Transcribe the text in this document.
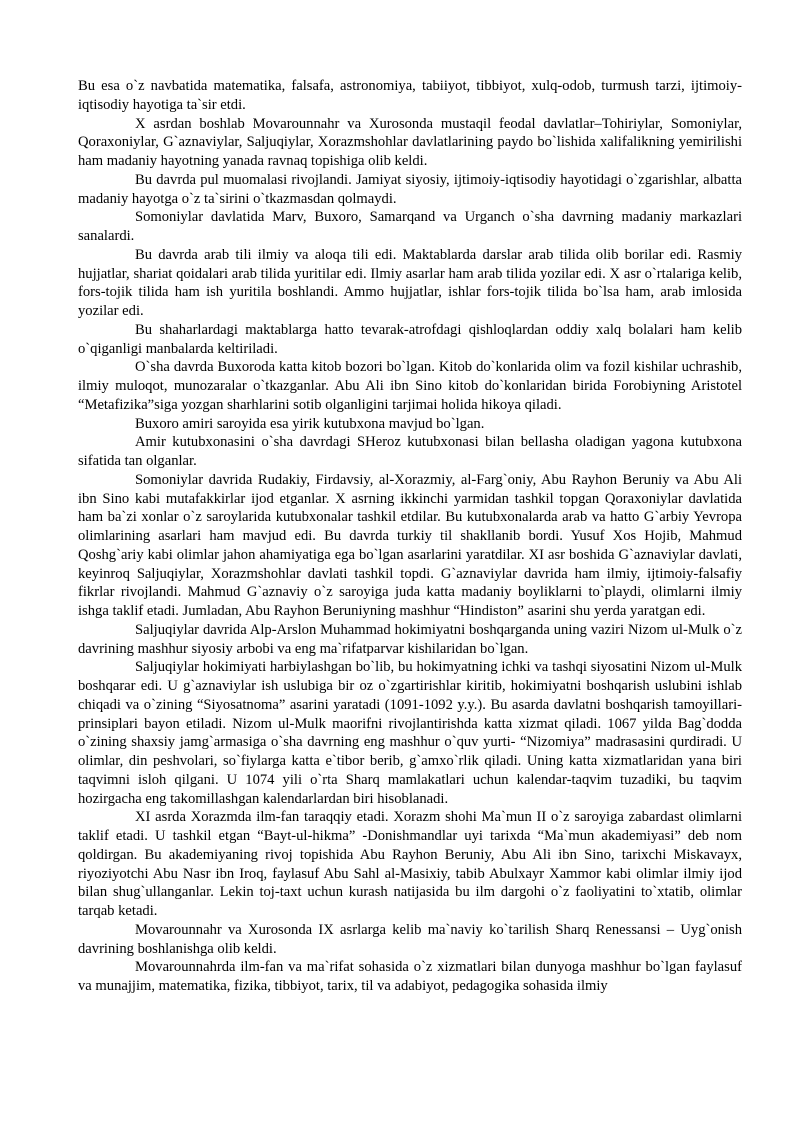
Bu esa o`z navbatida matematika, falsafa, astronomiya, tabiiyot, tibbiyot, xulq-odob, turmush tarzi, ijtimoiy-iqtisodiy hayotiga ta`sir etdi.

X asrdan boshlab Movarounnahr va Xurosonda mustaqil feodal davlatlar–Tohiriylar, Somoniylar, Qoraxoniylar, G`aznaviylar, Saljuqiylar, Xorazmshohlar davlatlarining paydo bo`lishida xalifalikning yemirilishi ham madaniy hayotning yanada ravnaq topishiga olib keldi.

Bu davrda pul muomalasi rivojlandi. Jamiyat siyosiy, ijtimoiy-iqtisodiy hayotidagi o`zgarishlar, albatta madaniy hayotga o`z ta`sirini o`tkazmasdan qolmaydi.

Somoniylar davlatida Marv, Buxoro, Samarqand va Urganch o`sha davrning madaniy markazlari sanalardi.

Bu davrda arab tili ilmiy va aloqa tili edi. Maktablarda darslar arab tilida olib borilar edi. Rasmiy hujjatlar, shariat qoidalari arab tilida yuritilar edi. Ilmiy asarlar ham arab tilida yozilar edi. X asr o`rtalariga kelib, fors-tojik tilida ham ish yuritila boshlandi. Ammo hujjatlar, ishlar fors-tojik tilida bo`lsa ham, arab imlosida yozilar edi.

Bu shaharlardagi maktablarga hatto tevarak-atrofdagi qishloqlardan oddiy xalq bolalari ham kelib o`qiganligi manbalarda keltiriladi.

O`sha davrda Buxoroda katta kitob bozori bo`lgan. Kitob do`konlarida olim va fozil kishilar uchrashib, ilmiy muloqot, munozaralar o`tkazganlar. Abu Ali ibn Sino kitob do`konlaridan birida Forobiyning Aristotel “Metafizika”siga yozgan sharhlarini sotib olganligini tarjimai holida hikoya qiladi.

Buxoro amiri saroyida esa yirik kutubxona mavjud bo`lgan.

Amir kutubxonasini o`sha davrdagi SHeroz kutubxonasi bilan bellasha oladigan yagona kutubxona sifatida tan olganlar.

Somoniylar davrida Rudakiy, Firdavsiy, al-Xorazmiy, al-Farg`oniy, Abu Rayhon Beruniy va Abu Ali ibn Sino kabi mutafakkirlar ijod etganlar. X asrning ikkinchi yarmidan tashkil topgan Qoraxoniylar davlatida ham ba`zi xonlar o`z saroylarida kutubxonalar tashkil etdilar. Bu kutubxonalarda arab va hatto G`arbiy Yevropa olimlarining asarlari ham mavjud edi. Bu davrda turkiy til shakllanib bordi. Yusuf Xos Hojib, Mahmud Qoshg`ariy kabi olimlar jahon ahamiyatiga ega bo`lgan asarlarini yaratdilar. XI asr boshida G`aznaviylar davlati, keyinroq Saljuqiylar, Xorazmshohlar davlati tashkil topdi. G`aznaviylar davrida ham ilmiy, ijtimoiy-falsafiy fikrlar rivojlandi. Mahmud G`aznaviy o`z saroyiga juda katta madaniy boyliklarni to`playdi, olimlarni ilmiy ishga taklif etadi. Jumladan, Abu Rayhon Beruniyning mashhur “Hindiston” asarini shu yerda yaratgan edi.

Saljuqiylar davrida Alp-Arslon Muhammad hokimiyatni boshqarganda uning vaziri Nizom ul-Mulk o`z davrining mashhur siyosiy arbobi va eng ma`rifatparvar kishilaridan bo`lgan.

Saljuqiylar hokimiyati harbiylashgan bo`lib, bu hokimyatning ichki va tashqi siyosatini Nizom ul-Mulk boshqarar edi. U g`aznaviylar ish uslubiga bir oz o`zgartirishlar kiritib, hokimiyatni boshqarish uslubini ishlab chiqadi va o`zining “Siyosatnoma” asarini yaratadi (1091-1092 y.y.). Bu asarda davlatni boshqarish tamoyillari-prinsiplari bayon etiladi. Nizom ul-Mulk maorifni rivojlantirishda katta xizmat qiladi. 1067 yilda Bag`dodda o`zining shaxsiy jamg`armasiga o`sha davrning eng mashhur o`quv yurti- “Nizomiya” madrasasini qurdiradi. U olimlar, din peshvolari, so`fiylarga katta e`tibor berib, g`amxo`rlik qiladi. Uning katta xizmatlaridan yana biri taqvimni isloh qilgani. U 1074 yili o`rta Sharq mamlakatlari uchun kalendar-taqvim tuzadiki, bu taqvim hozirgacha eng takomillashgan kalendarlardan biri hisoblanadi.

XI asrda Xorazmda ilm-fan taraqqiy etadi. Xorazm shohi Ma`mun II o`z saroyiga zabardast olimlarni taklif etadi. U tashkil etgan “Bayt-ul-hikma” -Donishmandlar uyi tarixda “Ma`mun akademiyasi” deb nom qoldirgan. Bu akademiyaning rivoj topishida Abu Rayhon Beruniy, Abu Ali ibn Sino, tarixchi Miskavayx, riyoziyotchi Abu Nasr ibn Iroq, faylasuf Abu Sahl al-Masixiy, tabib Abulxayr Xammor kabi olimlar ilmiy ijod bilan shug`ullanganlar. Lekin toj-taxt uchun kurash natijasida bu ilm dargohi o`z faoliyatini to`xtatib, olimlar tarqab ketadi.

Movarounnahr va Xurosonda IX asrlarga kelib ma`naviy ko`tarilish Sharq Renessansi – Uyg`onish davrining boshlanishga olib keldi.

Movarounnahrda ilm-fan va ma`rifat sohasida o`z xizmatlari bilan dunyoga mashhur bo`lgan faylasuf va munajjim, matematika, fizika, tibbiyot, tarix, til va adabiyot, pedagogika sohasida ilmiy
